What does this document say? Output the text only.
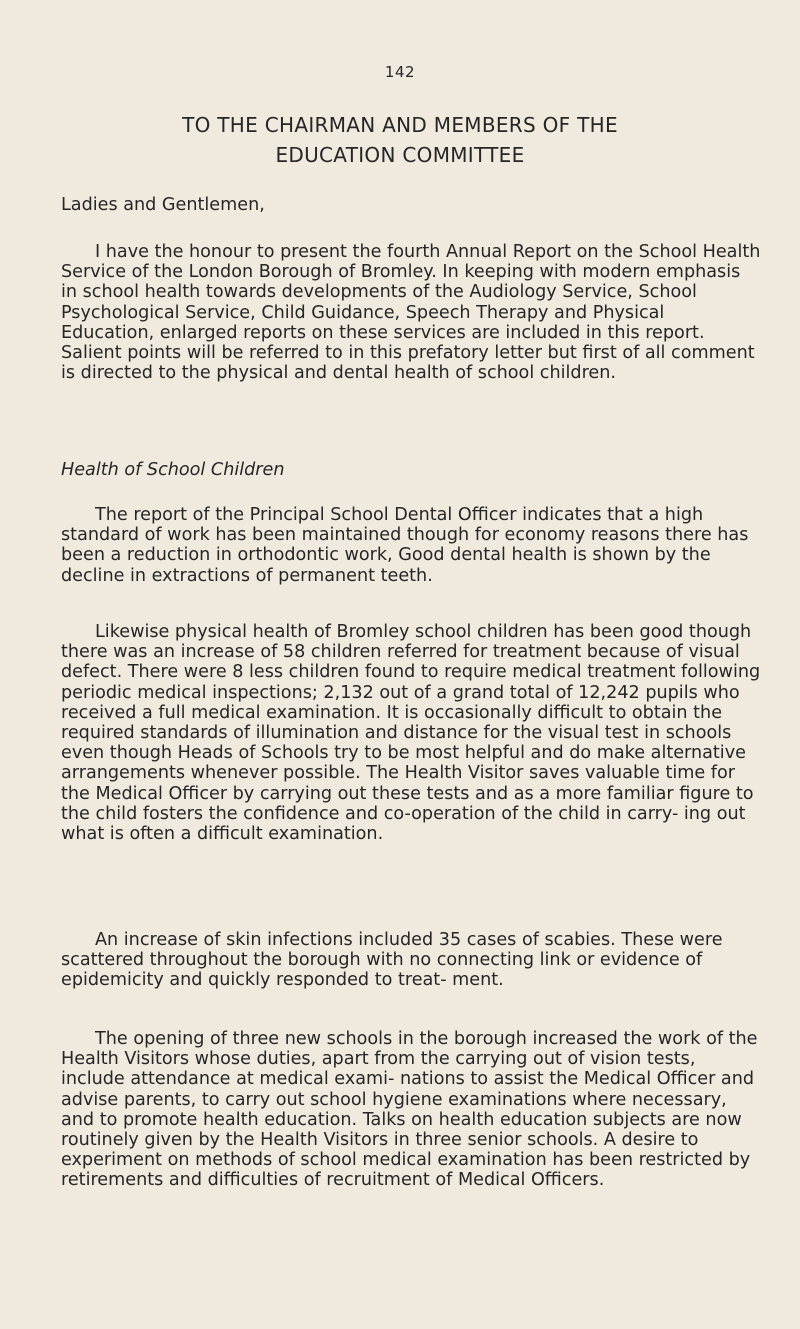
142
TO THE CHAIRMAN AND MEMBERS OF THE
EDUCATION COMMITTEE

Ladies and Gentlemen,

I have the honour to present the fourth Annual Report on the School Health Service of the London Borough of Bromley. In keeping with modern emphasis in school health towards developments of the Audiology Service, School Psychological Service, Child Guidance, Speech Therapy and Physical Education, enlarged reports on these services are included in this report. Salient points will be referred to in this prefatory letter but first of all comment is directed to the physical and dental health of school children.

Health of School Children

The report of the Principal School Dental Officer indicates that a high standard of work has been maintained though for economy reasons there has been a reduction in orthodontic work, Good dental health is shown by the decline in extractions of permanent teeth.

Likewise physical health of Bromley school children has been good though there was an increase of 58 children referred for treatment because of visual defect. There were 8 less children found to require medical treatment following periodic medical inspections; 2,132 out of a grand total of 12,242 pupils who received a full medical examination. It is occasionally difficult to obtain the required standards of illumination and distance for the visual test in schools even though Heads of Schools try to be most helpful and do make alternative arrangements whenever possible. The Health Visitor saves valuable time for the Medical Officer by carrying out these tests and as a more familiar figure to the child fosters the confidence and co-operation of the child in carry- ing out what is often a difficult examination.

An increase of skin infections included 35 cases of scabies. These were scattered throughout the borough with no connecting link or evidence of epidemicity and quickly responded to treat- ment.

The opening of three new schools in the borough increased the work of the Health Visitors whose duties, apart from the carrying out of vision tests, include attendance at medical exami- nations to assist the Medical Officer and advise parents, to carry out school hygiene examinations where necessary, and to promote health education. Talks on health education subjects are now routinely given by the Health Visitors in three senior schools. A desire to experiment on methods of school medical examination has been restricted by retirements and difficulties of recruitment of Medical Officers.
